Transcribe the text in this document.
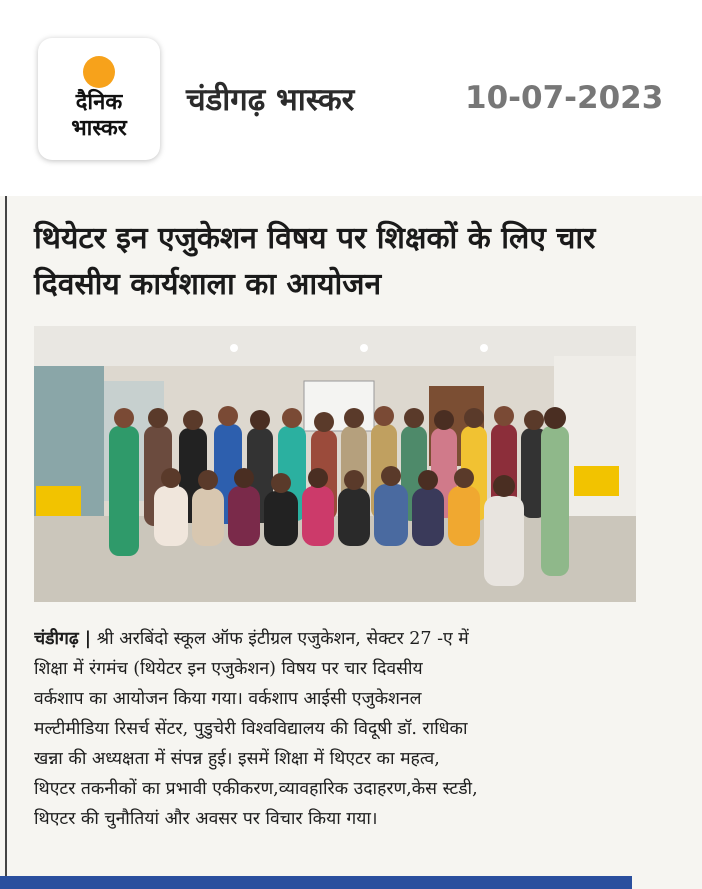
दैनिक
भास्कर
चंडीगढ़ भास्कर	10-07-2023
थियेटर इन एजुकेशन विषय पर शिक्षकों के लिए चार
दिवसीय कार्यशाला का आयोजन

चंडीगढ़ | श्री अरबिंदो स्कूल ऑफ इंटीग्रल एजुकेशन, सेक्टर 27 -ए में
शिक्षा में रंगमंच (थियेटर इन एजुकेशन) विषय पर चार दिवसीय
वर्कशाप का आयोजन किया गया। वर्कशाप आईसी एजुकेशनल
मल्टीमीडिया रिसर्च सेंटर, पुडुचेरी विश्वविद्यालय की विदूषी डॉ. राधिका
खन्ना की अध्यक्षता में संपन्न हुई। इसमें शिक्षा में थिएटर का महत्व,
थिएटर तकनीकों का प्रभावी एकीकरण,व्यावहारिक उदाहरण,केस स्टडी,
थिएटर की चुनौतियां और अवसर पर विचार किया गया।
